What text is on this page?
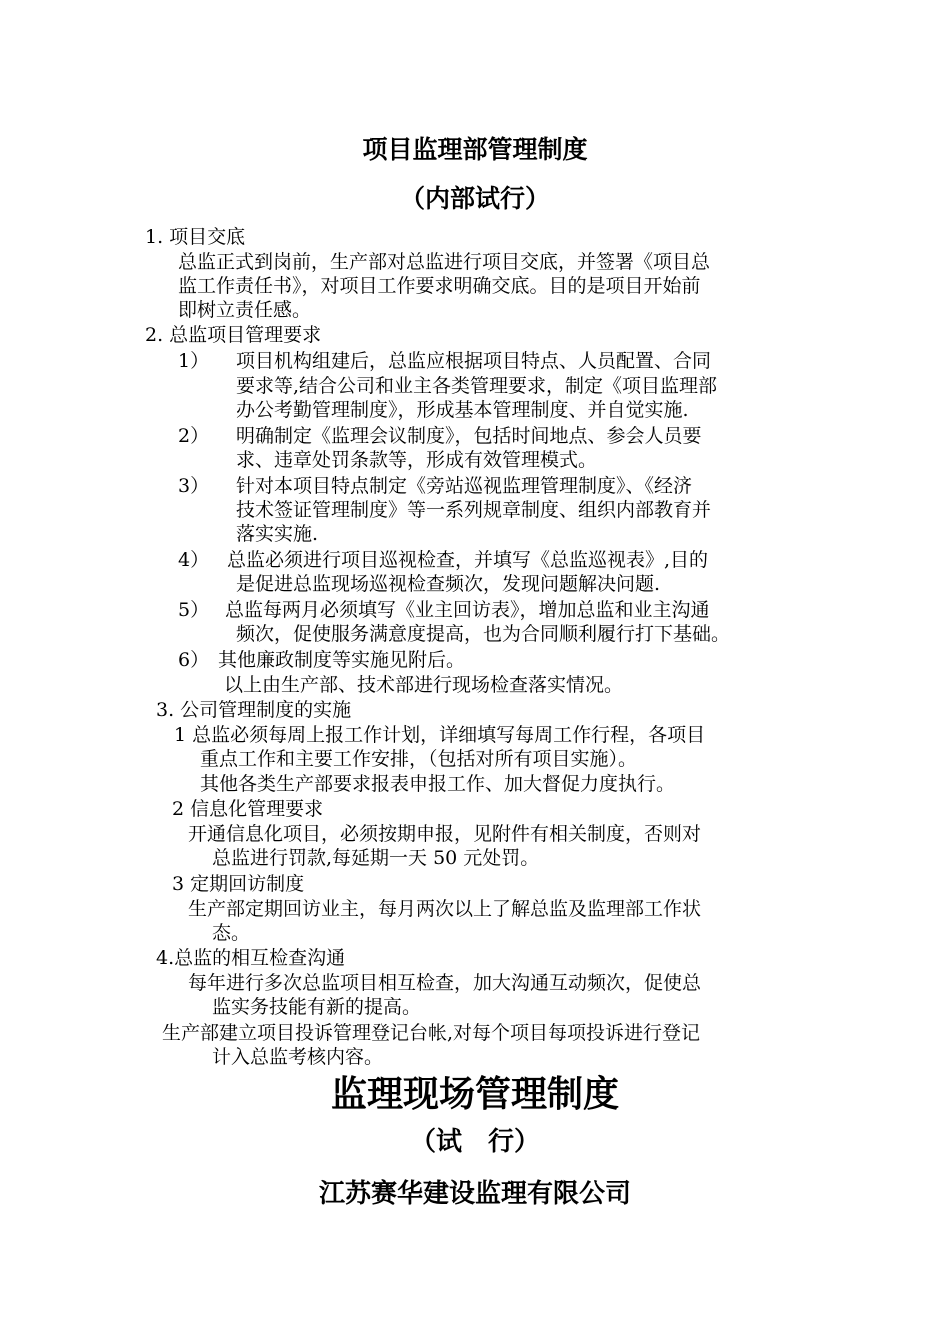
项目监理部管理制度
（内部试行）
1. 项目交底
总监正式到岗前，生产部对总监进行项目交底，并签署《项目总
监工作责任书》，对项目工作要求明确交底。目的是项目开始前
即树立责任感。
2. 总监项目管理要求
1） 项目机构组建后，总监应根据项目特点、人员配置、合同
要求等,结合公司和业主各类管理要求，制定《项目监理部
办公考勤管理制度》，形成基本管理制度、并自觉实施.
2） 明确制定《监理会议制度》，包括时间地点、参会人员要
求、违章处罚条款等，形成有效管理模式。
3） 针对本项目特点制定《旁站巡视监理管理制度》、《经济
技术签证管理制度》等一系列规章制度、组织内部教育并
落实实施.
4） 总监必须进行项目巡视检查，并填写《总监巡视表》,目的
是促进总监现场巡视检查频次，发现问题解决问题.
5） 总监每两月必须填写《业主回访表》，增加总监和业主沟通
频次，促使服务满意度提高，也为合同顺利履行打下基础。
6） 其他廉政制度等实施见附后。
以上由生产部、技术部进行现场检查落实情况。
3. 公司管理制度的实施
1 总监必须每周上报工作计划，详细填写每周工作行程，各项目
重点工作和主要工作安排，（包括对所有项目实施）。
其他各类生产部要求报表申报工作、加大督促力度执行。
2 信息化管理要求
开通信息化项目，必须按期申报，见附件有相关制度，否则对
总监进行罚款,每延期一天 50 元处罚。
3 定期回访制度
生产部定期回访业主，每月两次以上了解总监及监理部工作状
态。
4.总监的相互检查沟通
每年进行多次总监项目相互检查，加大沟通互动频次，促使总
监实务技能有新的提高。
生产部建立项目投诉管理登记台帐,对每个项目每项投诉进行登记
计入总监考核内容。
监理现场管理制度
（试　行）
江苏赛华建设监理有限公司
